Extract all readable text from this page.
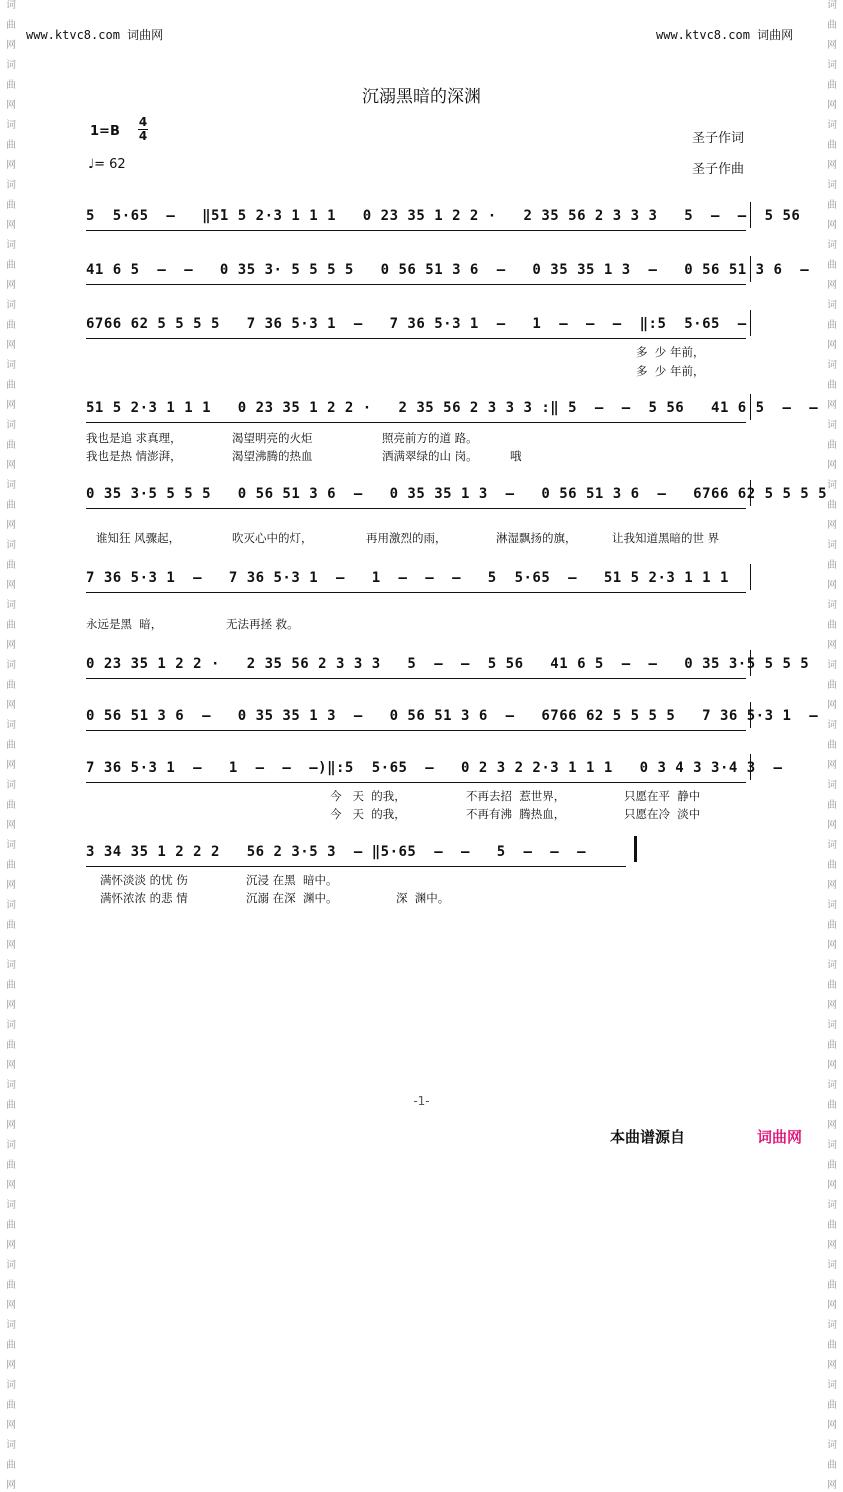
词
曲
网
词
曲
网
词
曲
网
词
曲
网
词
曲
网
词
曲
网
词
曲
网
词
曲
网
词
曲
网
词
曲
网
词
曲
网
词
曲
网
词
曲
网
词
曲
网
词
曲
网
词
曲
网
词
曲
网
词
曲
网
词
曲
网
词
曲
网
词
曲
网
词
曲
网
词
曲
网
词
曲
网
词
曲
网
词
曲
网
词
曲
网
词
曲
网
词
曲
网
词
曲
网
词
曲
网
词
曲
网
词
曲
网
词
曲
网
词
曲
网
词
曲
网
词
曲
网
词
曲
网
词
曲
网
词
曲
网
词
曲
网
词
曲
网
词
曲
网
词
曲
网
词
曲
网
词
曲
网
词
曲
网
词
曲
网
词
曲
网
词
曲
网
www.ktvc8.com 词曲网	www.ktvc8.com 词曲网
沉溺黑暗的深渊
1=B
4
4
♩= 62
圣子作词
圣子作曲
5  5·65  –   ‖5̄1 5 2·3 1 1 1   0 23 35 1 2 2 ·   2 35 56 2 3 3 3   5  –  –  5 56
41 6 5  –  –   0 35 3· 5 5 5 5   0 56 51 3 6  –   0 35 35 1 3  –   0 56 51 3 6  –
6766 62 5 5 5 5   7 36 5·3 1  –   7 36 5·3 1  –   1  –  –  –  ‖:5  5·65  –
多  少 年前，
多  少 年前，
51 5 2·3 1 1 1   0 23 35 1 2 2 ·   2 35 56 2 3 3 3 :‖ 5  –  –  5 56   41 6 5  –  –
我也是追 求真理，	渴望明亮的火炬	照亮前方的道 路。
我也是热 情澎湃，	渴望沸腾的热血	洒满翠绿的山 岗。	哦
0 35 3·5 5 5 5   0 56 51 3 6  –   0 35 35 1 3  –   0 56 51 3 6  –   6766 62 5 5 5 5
谁知狂 风骤起，	吹灭心中的灯，	再用激烈的雨，	淋湿飘扬的旗，	让我知道黑暗的世 界
7 36 5·3 1  –   7 36 5·3 1  –   1  –  –  –   5  5·65  –   51 5 2·3 1 1 1
永远是黑  暗，	无法再拯 救。
0 23 35 1 2 2 ·   2 35 56 2 3 3 3   5  –  –  5 56   41 6 5  –  –   0 35 3·5 5 5 5
0 56 51 3 6  –   0 35 35 1 3  –   0 56 51 3 6  –   6766 62 5 5 5 5   7 36 5·3 1  –
7 36 5·3 1  –   1  –  –  –)‖:5  5·65  –   0 2 3 2 2·3 1 1 1   0 3 4 3 3·4 3  –
今   天  的我，	不再去招  惹世界，	只愿在平  静中
今   天  的我，	不再有沸  腾热血，	只愿在冷  淡中
3 34 35 1 2 2 2   56 2 3·5 3  – ‖5·65  –  –   5  –  –  –
满怀淡淡 的忧 伤	沉浸 在黑  暗中。
满怀浓浓 的悲 情	沉溺 在深  渊中。	深  渊中。
-1-
本曲谱源自	词曲网
